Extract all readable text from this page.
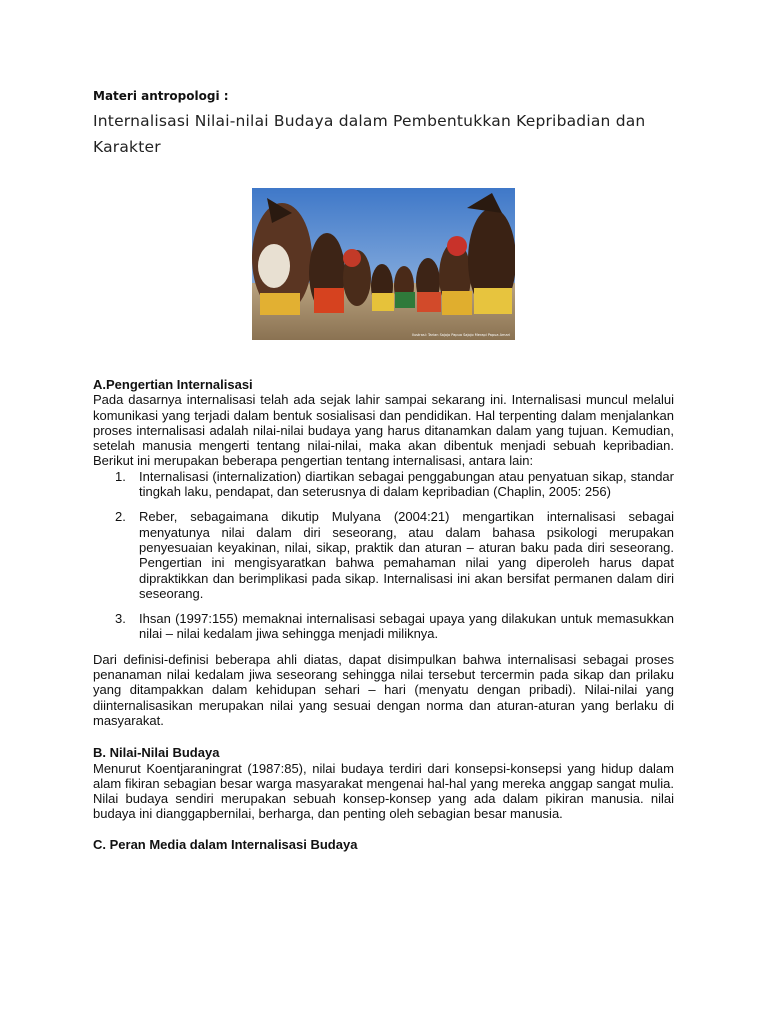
Materi antropologi :
Internalisasi Nilai-nilai Budaya dalam Pembentukkan Kepribadian dan Karakter
Ilustrasi: Tarian Sajojo Papua Sajojo Merapi Papua Amari

A.Pengertian Internalisasi

Pada dasarnya internalisasi telah ada sejak lahir sampai sekarang ini. Internalisasi muncul melalui komunikasi yang terjadi dalam bentuk sosialisasi dan pendidikan. Hal terpenting dalam menjalankan proses internalisasi adalah nilai-nilai budaya yang harus ditanamkan dalam yang tujuan. Kemudian, setelah manusia mengerti tentang nilai-nilai, maka akan dibentuk menjadi sebuah kepribadian. Berikut ini merupakan beberapa pengertian tentang internalisasi, antara lain:

1. Internalisasi (internalization) diartikan sebagai penggabungan atau penyatuan sikap, standar tingkah laku, pendapat, dan seterusnya di dalam kepribadian (Chaplin, 2005: 256)
2. Reber, sebagaimana dikutip Mulyana (2004:21) mengartikan internalisasi sebagai menyatunya nilai dalam diri seseorang, atau dalam bahasa psikologi merupakan penyesuaian keyakinan, nilai, sikap, praktik dan aturan – aturan baku pada diri seseorang. Pengertian ini mengisyaratkan bahwa pemahaman nilai yang diperoleh harus dapat dipraktikkan dan berimplikasi pada sikap. Internalisasi ini akan bersifat permanen dalam diri seseorang.
3. Ihsan (1997:155) memaknai internalisasi sebagai upaya yang dilakukan untuk memasukkan nilai – nilai kedalam jiwa sehingga menjadi miliknya.

Dari definisi-definisi beberapa ahli diatas, dapat disimpulkan bahwa internalisasi sebagai proses penanaman nilai kedalam jiwa seseorang sehingga nilai tersebut tercermin pada sikap dan prilaku yang ditampakkan dalam kehidupan sehari – hari (menyatu dengan pribadi). Nilai-nilai yang diinternalisasikan merupakan nilai yang sesuai dengan norma dan aturan-aturan yang berlaku di masyarakat.

B. Nilai-Nilai Budaya

Menurut Koentjaraningrat (1987:85), nilai budaya terdiri dari konsepsi-konsepsi yang hidup dalam alam fikiran sebagian besar warga masyarakat mengenai hal-hal yang mereka anggap sangat mulia. Nilai budaya sendiri merupakan sebuah konsep-konsep yang ada dalam pikiran manusia. nilai budaya ini dianggapbernilai, berharga, dan penting oleh sebagian besar manusia.

C. Peran Media dalam Internalisasi Budaya
